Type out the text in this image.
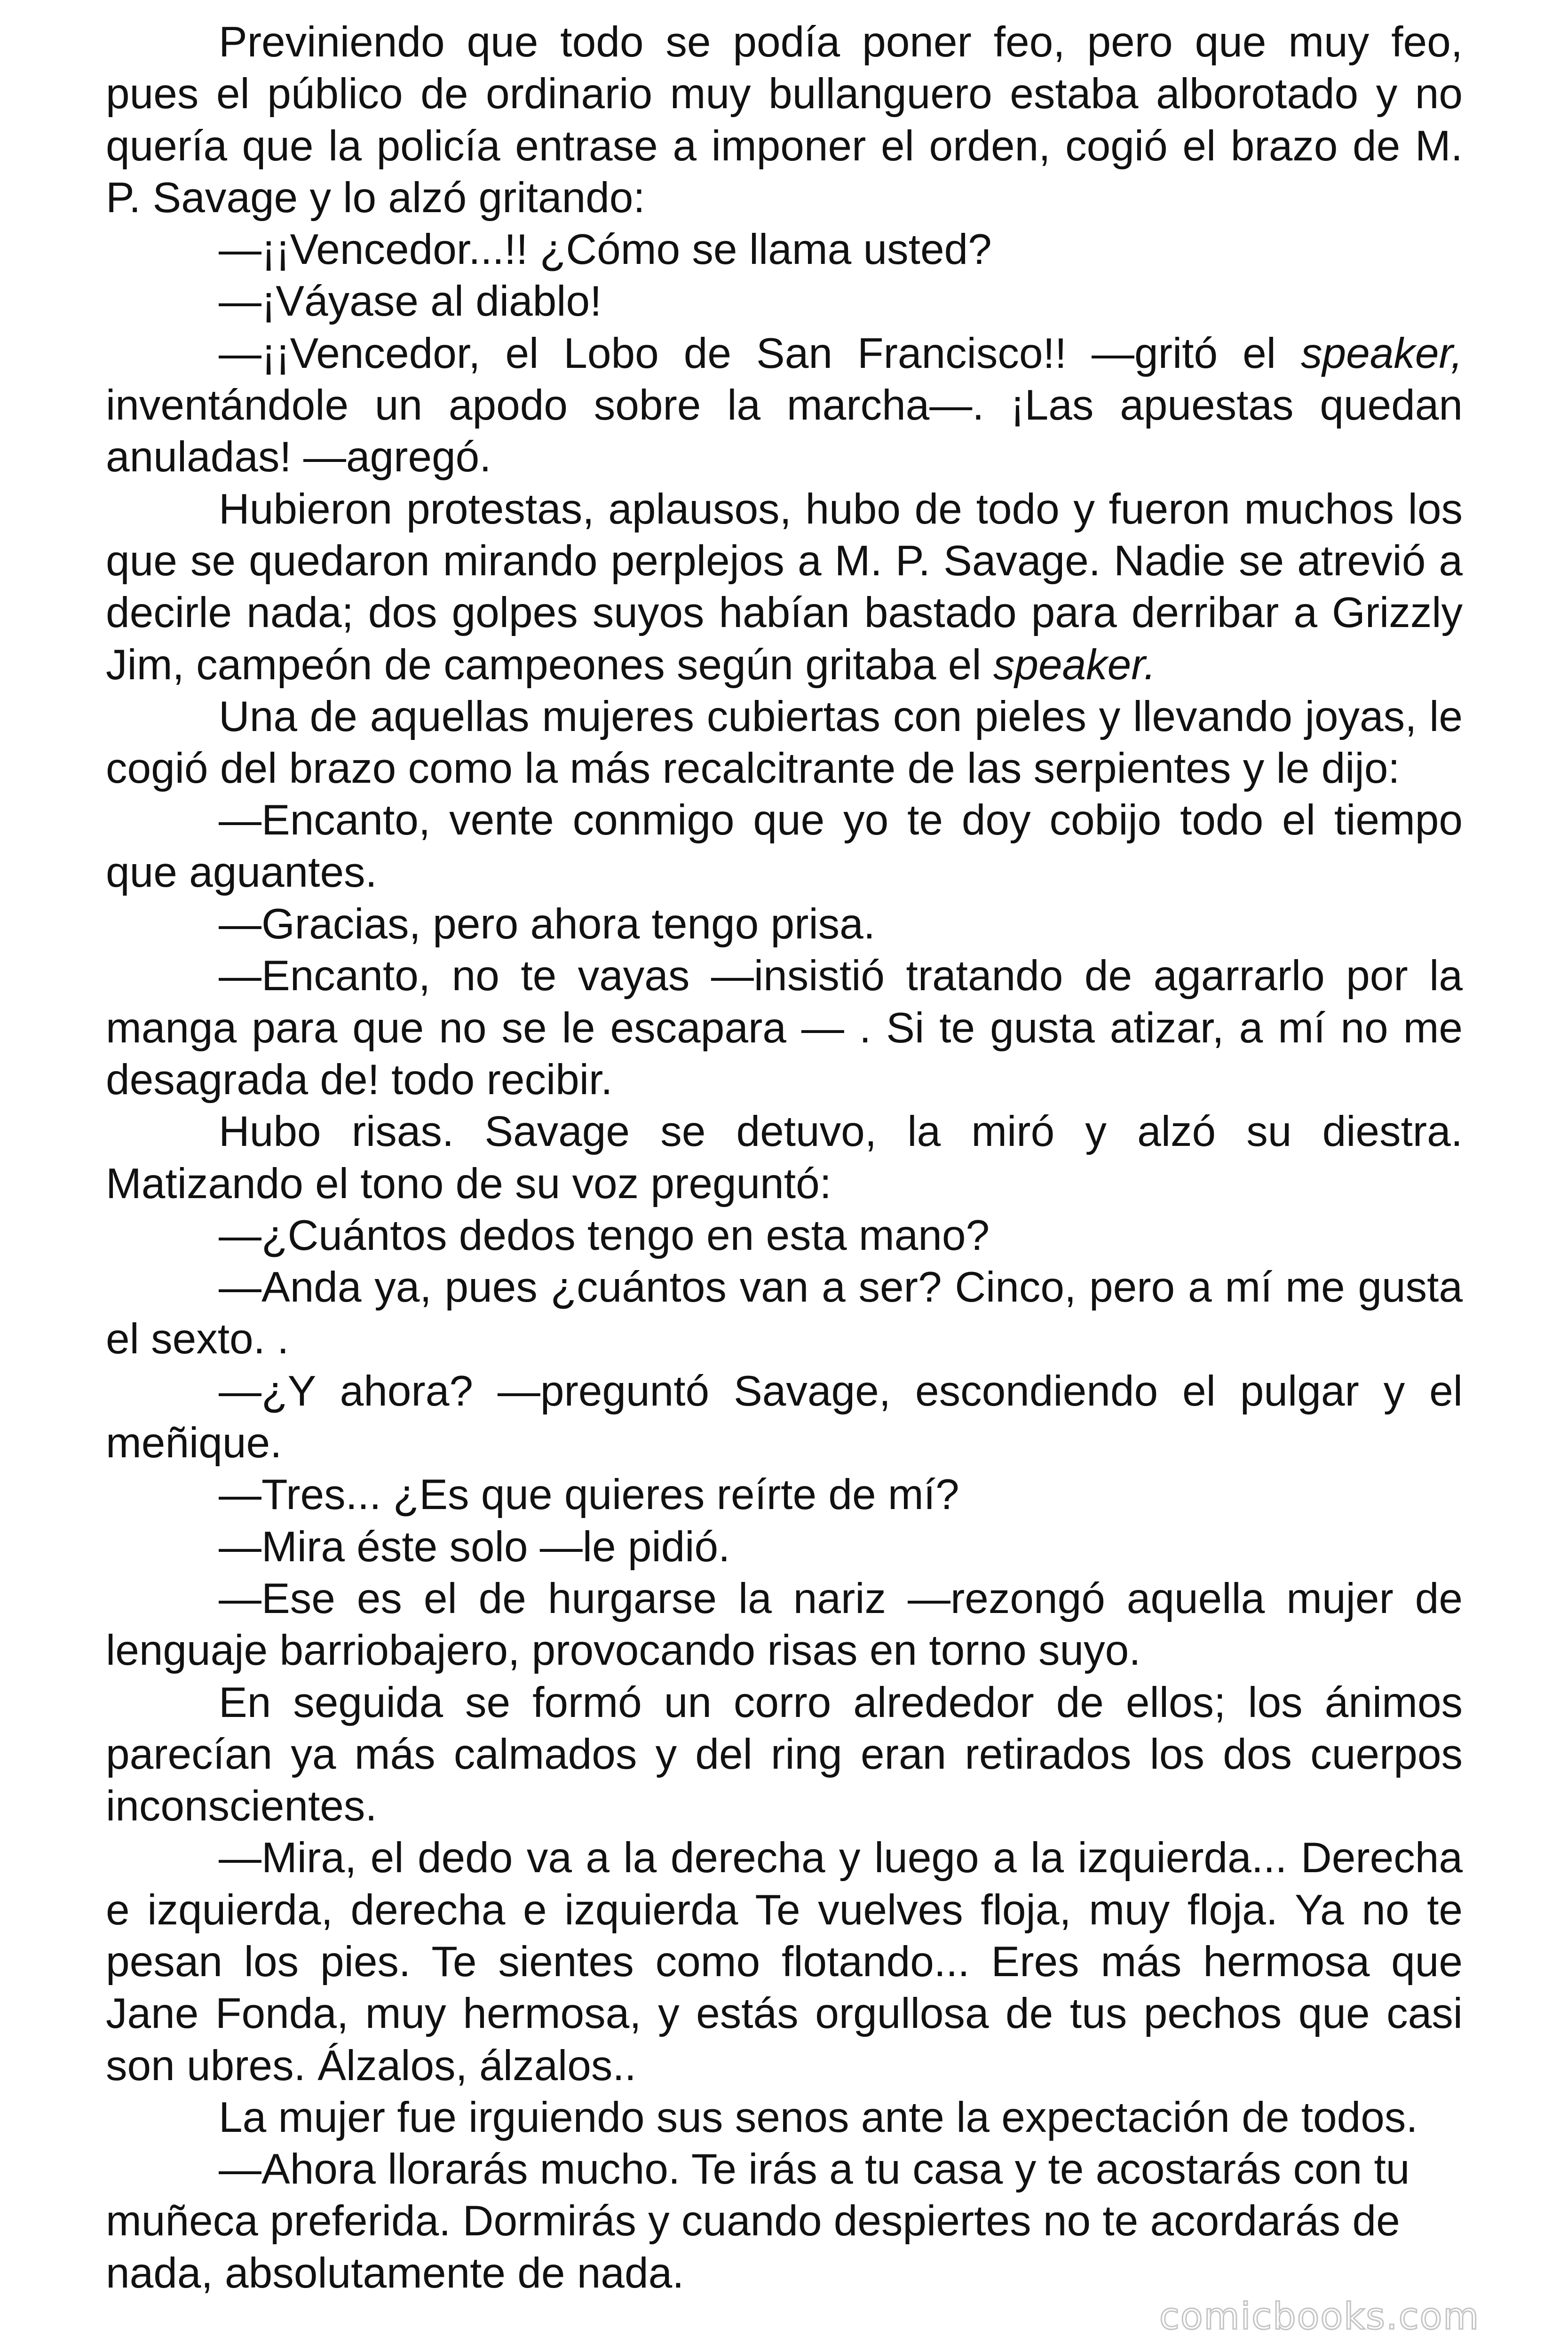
Previniendo que todo se podía poner feo, pero que muy feo, pues el público de ordinario muy bullanguero estaba alborotado y no quería que la policía entrase a imponer el orden, cogió el brazo de M. P. Savage y lo alzó gritando:

—¡¡Vencedor...!! ¿Cómo se llama usted?

—¡Váyase al diablo!

—¡¡Vencedor, el Lobo de San Francisco!! —gritó el speaker, inventándole un apodo sobre la marcha—. ¡Las apuestas quedan anuladas! —agregó.

Hubieron protestas, aplausos, hubo de todo y fueron muchos los que se quedaron mirando perplejos a M. P. Savage. Nadie se atrevió a decirle nada; dos golpes suyos habían bastado para derribar a Grizzly Jim, campeón de campeones según gritaba el speaker.

Una de aquellas mujeres cubiertas con pieles y llevando joyas, le cogió del brazo como la más recalcitrante de las serpientes y le dijo:

—Encanto, vente conmigo que yo te doy cobijo todo el tiempo que aguantes.

—Gracias, pero ahora tengo prisa.

—Encanto, no te vayas —insistió tratando de agarrarlo por la manga para que no se le escapara — . Si te gusta atizar, a mí no me desagrada de! todo recibir.

Hubo risas. Savage se detuvo, la miró y alzó su diestra. Matizando el tono de su voz preguntó:

—¿Cuántos dedos tengo en esta mano?

—Anda ya, pues ¿cuántos van a ser? Cinco, pero a mí me gusta el sexto. .

—¿Y ahora? —preguntó Savage, escondiendo el pulgar y el meñique.

—Tres... ¿Es que quieres reírte de mí?

—Mira éste solo —le pidió.

—Ese es el de hurgarse la nariz —rezongó aquella mujer de lenguaje barriobajero, provocando risas en torno suyo.

En seguida se formó un corro alrededor de ellos; los ánimos parecían ya más calmados y del ring eran retirados los dos cuerpos inconscientes.

—Mira, el dedo va a la derecha y luego a la izquierda... Derecha e izquierda, derecha e izquierda Te vuelves floja, muy floja. Ya no te pesan los pies. Te sientes como flotando... Eres más hermosa que Jane Fonda, muy hermosa, y estás orgullosa de tus pechos que casi son ubres. Álzalos, álzalos..

La mujer fue irguiendo sus senos ante la expectación de todos.

—Ahora llorarás mucho. Te irás a tu casa y te acostarás con tu muñeca preferida. Dormirás y cuando despiertes no te acordarás de nada, absolutamente de nada.

comicbooks.com
